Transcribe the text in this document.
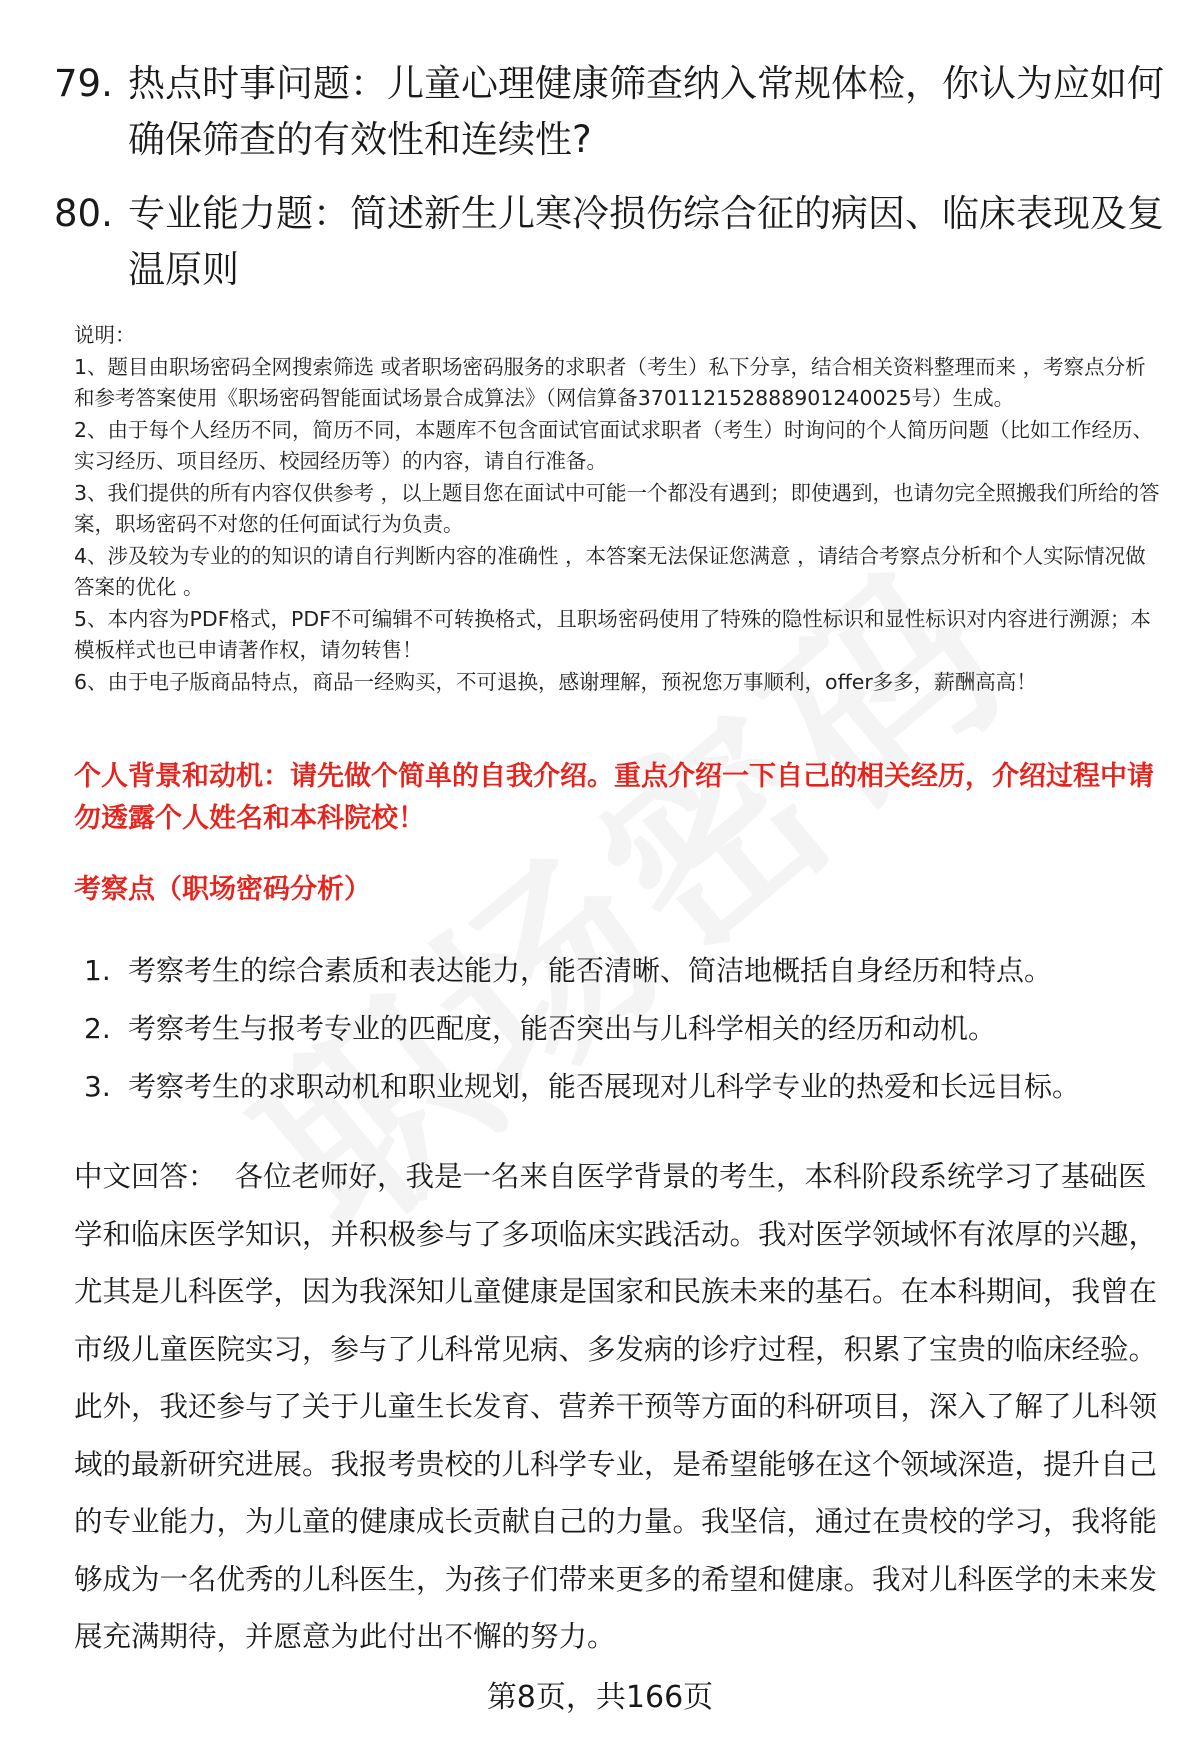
79. 热点时事问题：儿童心理健康筛查纳入常规体检，你认为应如何确保筛查的有效性和连续性?
80. 专业能力题：简述新生儿寒冷损伤综合征的病因、临床表现及复温原则

说明：

1、题目由职场密码全网搜索筛选 或者职场密码服务的求职者（考生）私下分享，结合相关资料整理而来 ，考察点分析和参考答案使用《职场密码智能面试场景合成算法》（网信算备370112152888901240025号）生成。

2、由于每个人经历不同，简历不同，本题库不包含面试官面试求职者（考生）时询问的个人简历问题（比如工作经历、实习经历、项目经历、校园经历等）的内容，请自行准备。

3、我们提供的所有内容仅供参考 ，以上题目您在面试中可能一个都没有遇到；即使遇到，也请勿完全照搬我们所给的答案，职场密码不对您的任何面试行为负责。

4、涉及较为专业的的知识的请自行判断内容的准确性 ，本答案无法保证您满意 ，请结合考察点分析和个人实际情况做答案的优化 。

5、本内容为PDF格式，PDF不可编辑不可转换格式，且职场密码使用了特殊的隐性标识和显性标识对内容进行溯源；本模板样式也已申请著作权，请勿转售！

6、由于电子版商品特点，商品一经购买，不可退换，感谢理解，预祝您万事顺利，offer多多，薪酬高高！

个人背景和动机：请先做个简单的自我介绍。重点介绍一下自己的相关经历，介绍过程中请勿透露个人姓名和本科院校！
考察点（职场密码分析）
1. 考察考生的综合素质和表达能力，能否清晰、简洁地概括自身经历和特点。
2. 考察考生与报考专业的匹配度，能否突出与儿科学相关的经历和动机。
3. 考察考生的求职动机和职业规划，能否展现对儿科学专业的热爱和长远目标。
中文回答： 各位老师好，我是一名来自医学背景的考生，本科阶段系统学习了基础医学和临床医学知识，并积极参与了多项临床实践活动。我对医学领域怀有浓厚的兴趣，尤其是儿科医学，因为我深知儿童健康是国家和民族未来的基石。在本科期间，我曾在市级儿童医院实习，参与了儿科常见病、多发病的诊疗过程，积累了宝贵的临床经验。此外，我还参与了关于儿童生长发育、营养干预等方面的科研项目，深入了解了儿科领域的最新研究进展。我报考贵校的儿科学专业，是希望能够在这个领域深造，提升自己的专业能力，为儿童的健康成长贡献自己的力量。我坚信，通过在贵校的学习，我将能够成为一名优秀的儿科医生，为孩子们带来更多的希望和健康。我对儿科医学的未来发展充满期待，并愿意为此付出不懈的努力。
第8页，共166页
